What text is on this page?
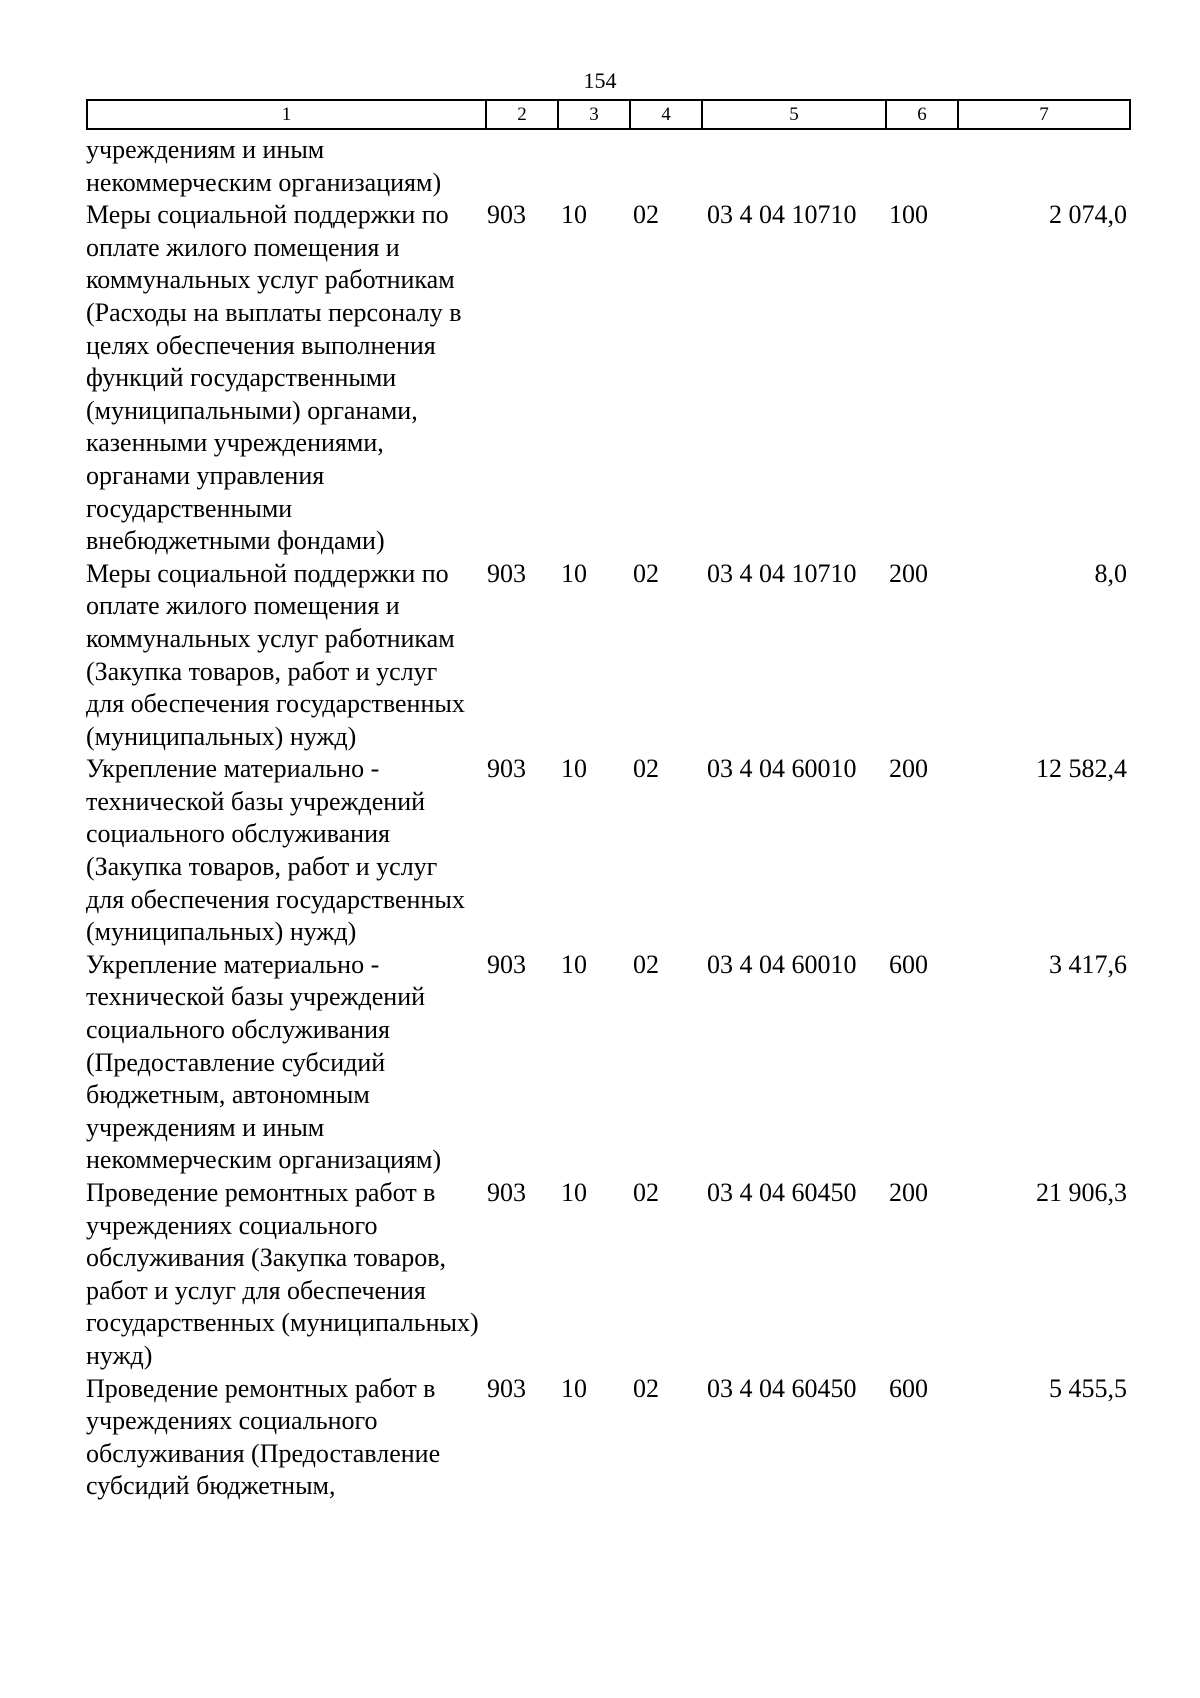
154
1	2	3	4	5	6	7
учреждениям и иным некоммерческим организациям)						
Меры социальной поддержки по оплате жилого помещения и коммунальных услуг работникам (Расходы на выплаты персоналу в целях обеспечения выполнения функций государственными (муниципальными) органами, казенными учреждениями, органами управления государственными внебюджетными фондами)	903	10	02	03 4 04 10710	100	2 074,0
Меры социальной поддержки по оплате жилого помещения и коммунальных услуг работникам (Закупка товаров, работ и услуг для обеспечения государственных (муниципальных) нужд)	903	10	02	03 4 04 10710	200	8,0
Укрепление материально - технической базы учреждений социального обслуживания (Закупка товаров, работ и услуг для обеспечения государственных (муниципальных) нужд)	903	10	02	03 4 04 60010	200	12 582,4
Укрепление материально - технической базы учреждений социального обслуживания (Предоставление субсидий бюджетным, автономным учреждениям и иным некоммерческим организациям)	903	10	02	03 4 04 60010	600	3 417,6
Проведение ремонтных работ в учреждениях социального обслуживания (Закупка товаров, работ и услуг для обеспечения государственных (муниципальных) нужд)	903	10	02	03 4 04 60450	200	21 906,3
Проведение ремонтных работ в учреждениях социального обслуживания (Предоставление субсидий бюджетным,	903	10	02	03 4 04 60450	600	5 455,5
